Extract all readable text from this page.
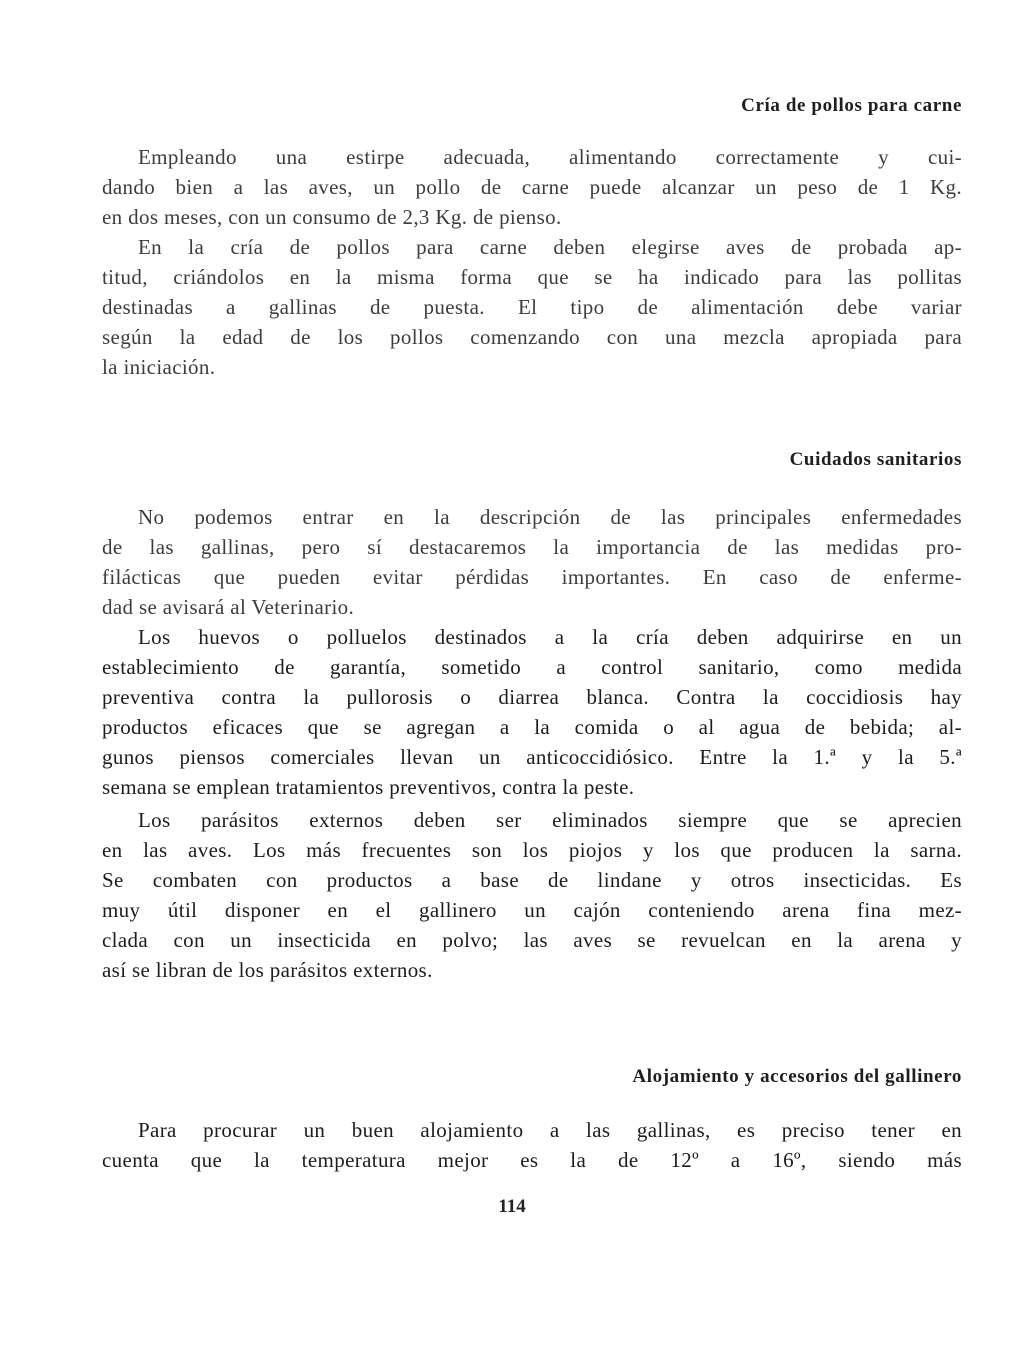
Cría de pollos para carne
Empleando una estirpe adecuada, alimentando correctamente y cui-
dando bien a las aves, un pollo de carne puede alcanzar un peso de 1 Kg.
en dos meses, con un consumo de 2,3 Kg. de pienso.
En la cría de pollos para carne deben elegirse aves de probada ap-
titud, criándolos en la misma forma que se ha indicado para las pollitas
destinadas a gallinas de puesta. El tipo de alimentación debe variar
según la edad de los pollos comenzando con una mezcla apropiada para
la iniciación.
Cuidados sanitarios
No podemos entrar en la descripción de las principales enfermedades
de las gallinas, pero sí destacaremos la importancia de las medidas pro-
filácticas que pueden evitar pérdidas importantes. En caso de enferme-
dad se avisará al Veterinario.
Los huevos o polluelos destinados a la cría deben adquirirse en un
establecimiento de garantía, sometido a control sanitario, como medida
preventiva contra la pullorosis o diarrea blanca. Contra la coccidiosis hay
productos eficaces que se agregan a la comida o al agua de bebida; al-
gunos piensos comerciales llevan un anticoccidiósico. Entre la 1.ª y la 5.ª
semana se emplean tratamientos preventivos, contra la peste.
Los parásitos externos deben ser eliminados siempre que se aprecien
en las aves. Los más frecuentes son los piojos y los que producen la sarna.
Se combaten con productos a base de lindane y otros insecticidas. Es
muy útil disponer en el gallinero un cajón conteniendo arena fina mez-
clada con un insecticida en polvo; las aves se revuelcan en la arena y
así se libran de los parásitos externos.
Alojamiento y accesorios del gallinero
Para procurar un buen alojamiento a las gallinas, es preciso tener en
cuenta que la temperatura mejor es la de 12º a 16º, siendo más
114
